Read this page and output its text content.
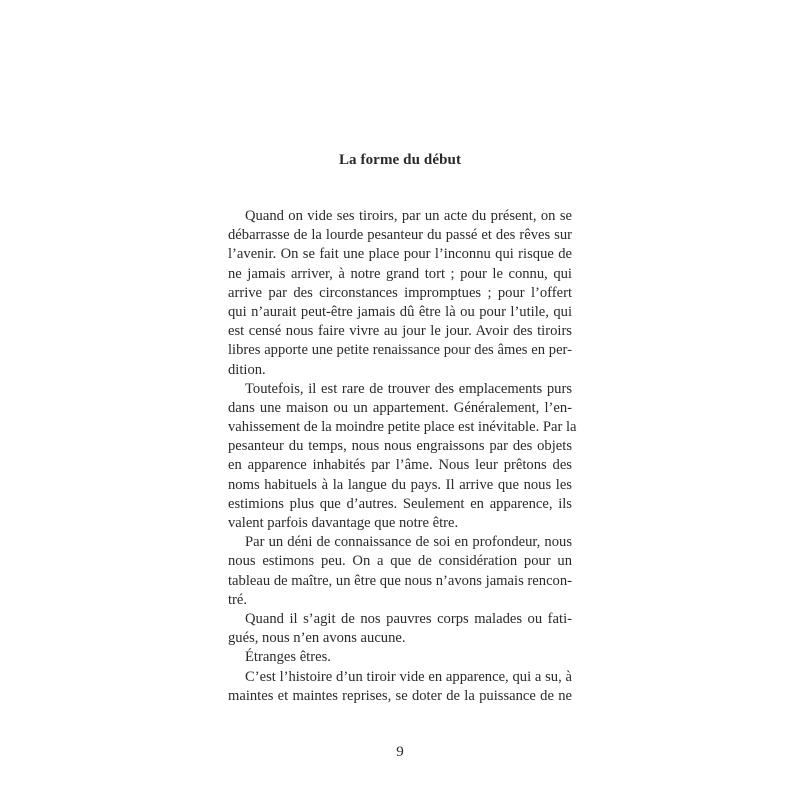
La forme du début
Quand on vide ses tiroirs, par un acte du présent, on se
débarrasse de la lourde pesanteur du passé et des rêves sur
l’avenir. On se fait une place pour l’inconnu qui risque de
ne jamais arriver, à notre grand tort ; pour le connu, qui
arrive par des circonstances impromptues ; pour l’offert
qui n’aurait peut-être jamais dû être là ou pour l’utile, qui
est censé nous faire vivre au jour le jour. Avoir des tiroirs
libres apporte une petite renaissance pour des âmes en per-
dition.
Toutefois, il est rare de trouver des emplacements purs
dans une maison ou un appartement. Généralement, l’en-
vahissement de la moindre petite place est inévitable. Par la
pesanteur du temps, nous nous engraissons par des objets
en apparence inhabités par l’âme. Nous leur prêtons des
noms habituels à la langue du pays. Il arrive que nous les
estimions plus que d’autres. Seulement en apparence, ils
valent parfois davantage que notre être.
Par un déni de connaissance de soi en profondeur, nous
nous estimons peu. On a que de considération pour un
tableau de maître, un être que nous n’avons jamais rencon-
tré.
Quand il s’agit de nos pauvres corps malades ou fati-
gués, nous n’en avons aucune.
Étranges êtres.
C’est l’histoire d’un tiroir vide en apparence, qui a su, à
maintes et maintes reprises, se doter de la puissance de ne
9
